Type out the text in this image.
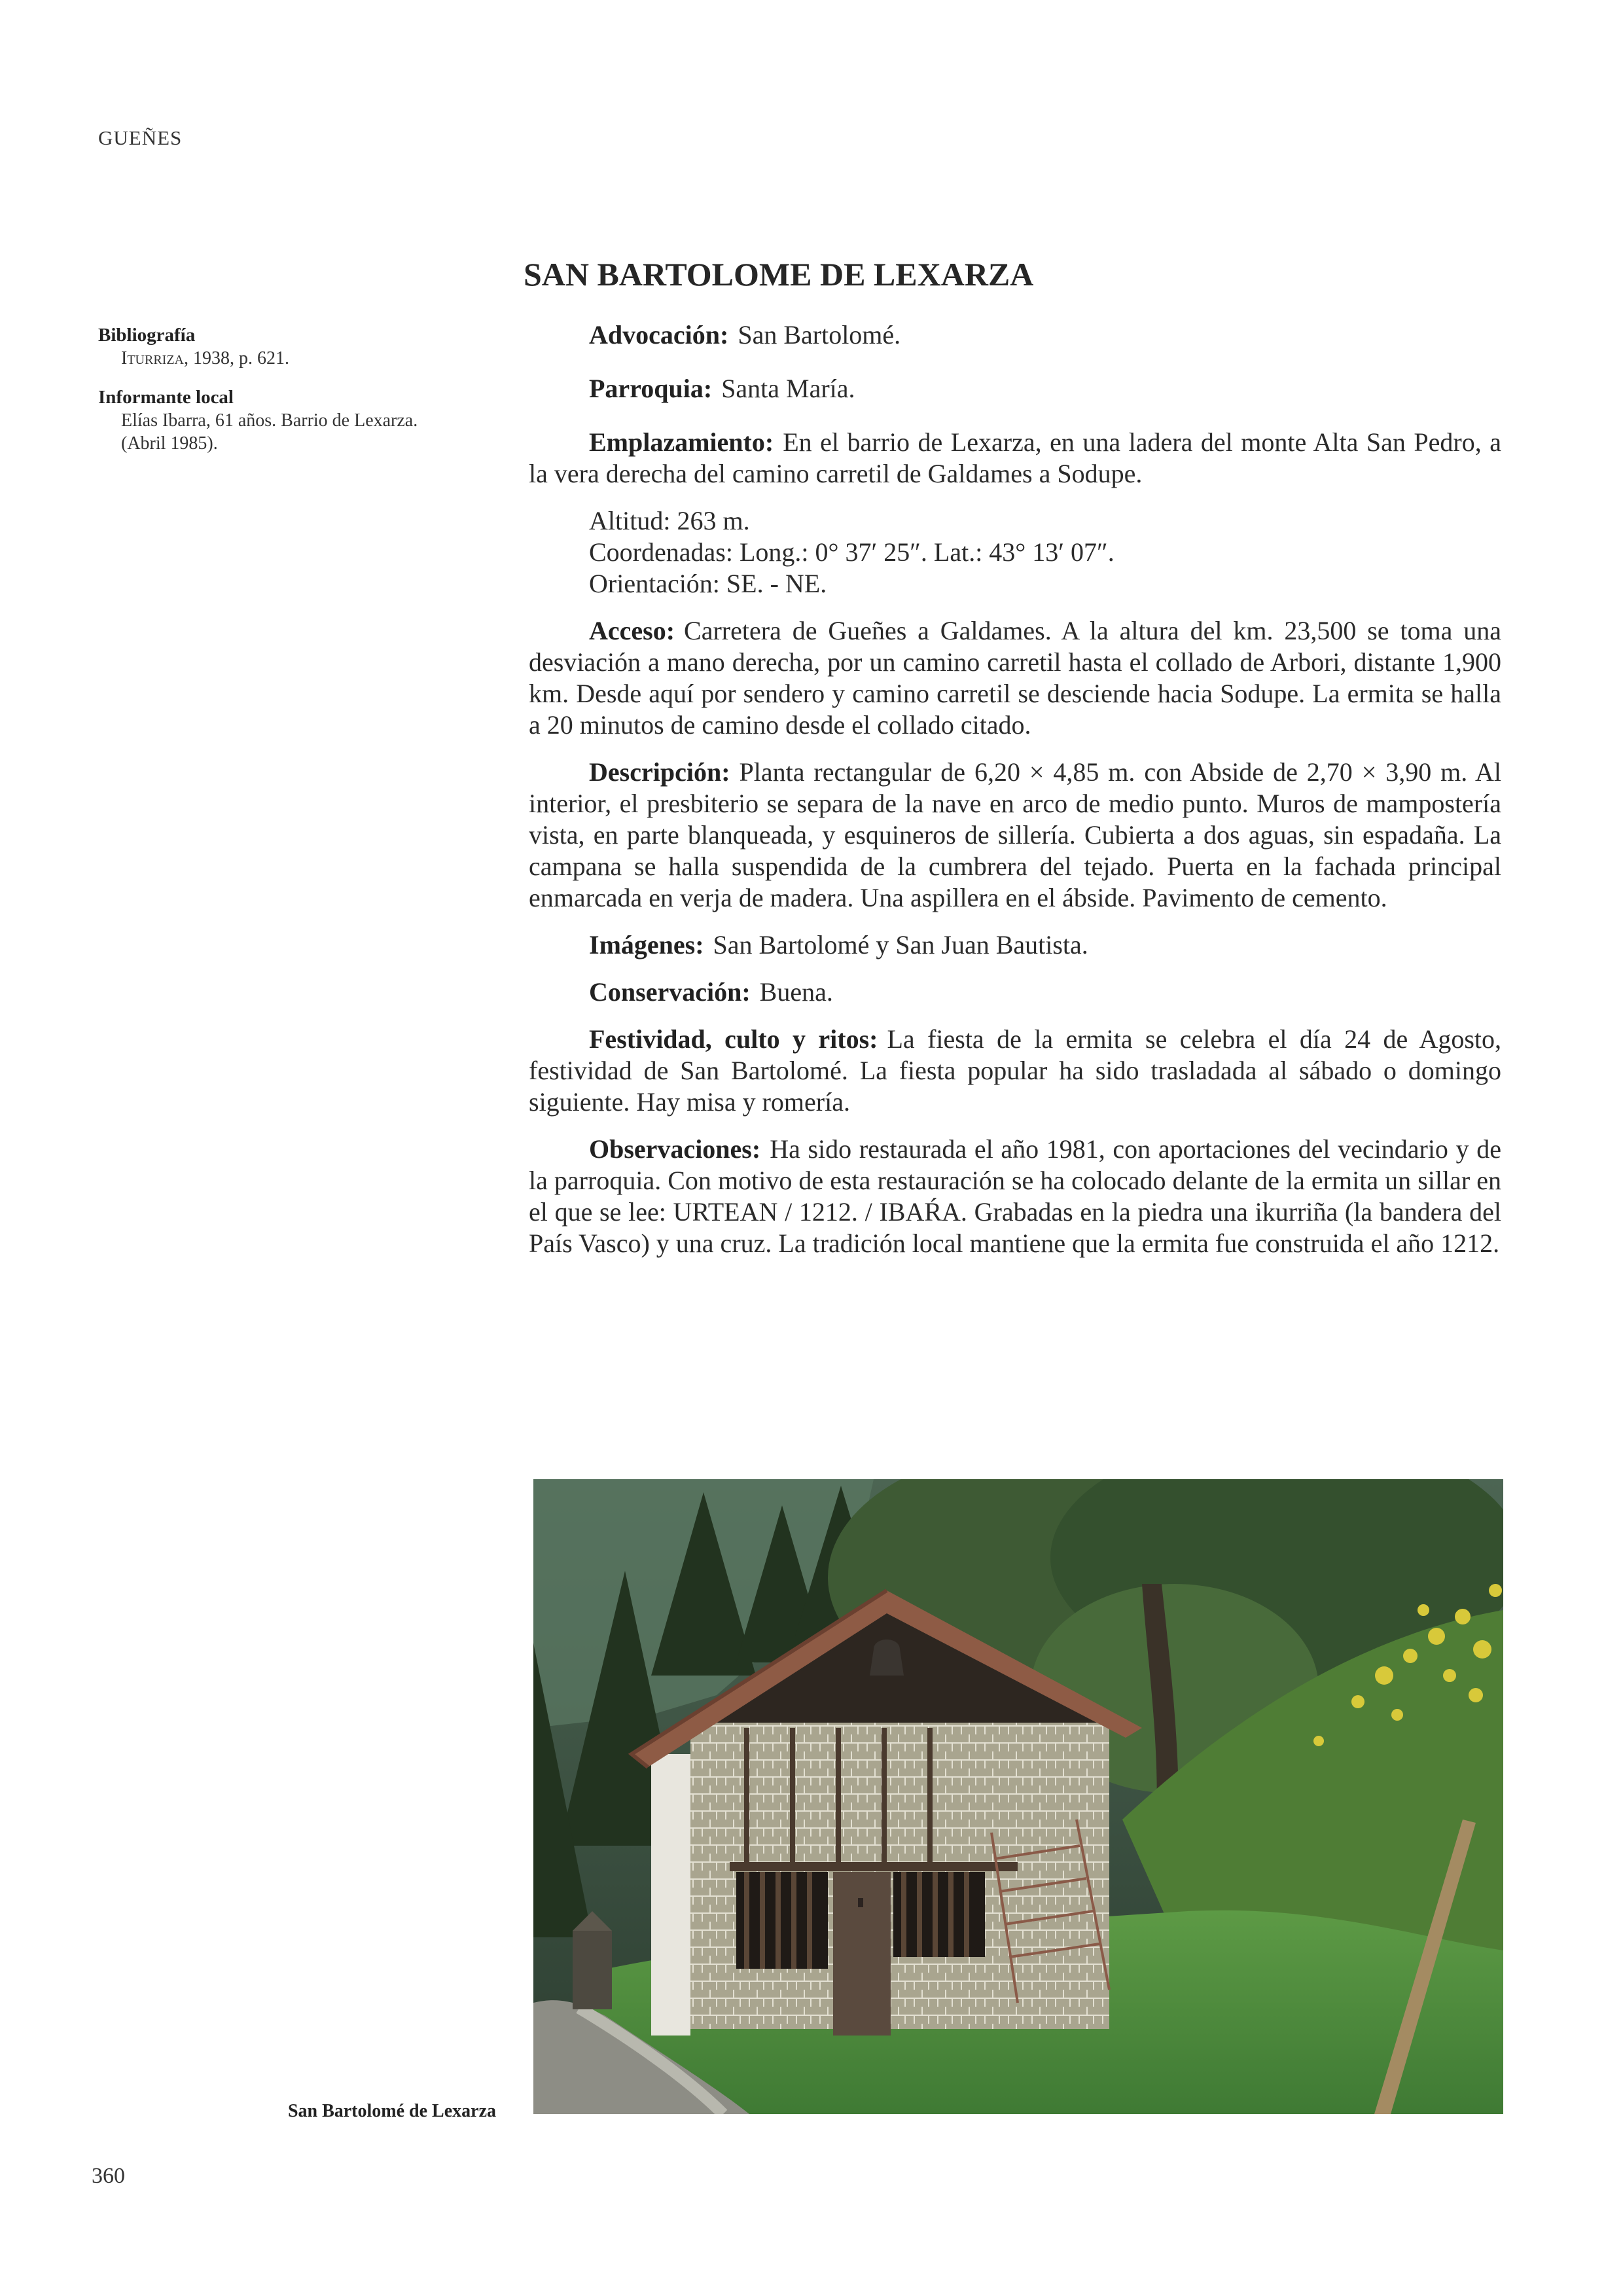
GUEÑES
Bibliografía
Iturriza, 1938, p. 621.
Informante local
Elías Ibarra, 61 años. Barrio de Lexarza.
(Abril 1985).
SAN BARTOLOME DE LEXARZA

Advocación: San Bartolomé.

Parroquia: Santa María.

Emplazamiento: En el barrio de Lexarza, en una ladera del monte Alta San Pedro, a la vera derecha del camino carretil de Galdames a Sodupe.

Altitud: 263 m.
Coordenadas: Long.: 0° 37′ 25″. Lat.: 43° 13′ 07″.
Orientación: SE. - NE.

Acceso: Carretera de Gueñes a Galdames. A la altura del km. 23,500 se toma una desviación a mano derecha, por un camino carretil hasta el collado de Arbori, distante 1,900 km. Desde aquí por sendero y camino carretil se desciende hacia Sodupe. La ermita se halla a 20 minutos de camino desde el collado citado.

Descripción: Planta rectangular de 6,20 × 4,85 m. con Abside de 2,70 × 3,90 m. Al interior, el presbiterio se separa de la nave en arco de medio punto. Muros de mampostería vista, en parte blanqueada, y esquineros de sillería. Cubierta a dos aguas, sin espadaña. La campana se halla suspendida de la cumbrera del tejado. Puerta en la fachada principal enmarcada en verja de madera. Una aspillera en el ábside. Pavimento de cemento.

Imágenes: San Bartolomé y San Juan Bautista.

Conservación: Buena.

Festividad, culto y ritos: La fiesta de la ermita se celebra el día 24 de Agosto, festividad de San Bartolomé. La fiesta popular ha sido trasladada al sábado o domingo siguiente. Hay misa y romería.

Observaciones: Ha sido restaurada el año 1981, con aportaciones del vecindario y de la parroquia. Con motivo de esta restauración se ha colocado delante de la ermita un sillar en el que se lee: URTEAN / 1212. / IBAŔA. Grabadas en la piedra una ikurriña (la bandera del País Vasco) y una cruz. La tradición local mantiene que la ermita fue construida el año 1212.

San Bartolomé de Lexarza
360
